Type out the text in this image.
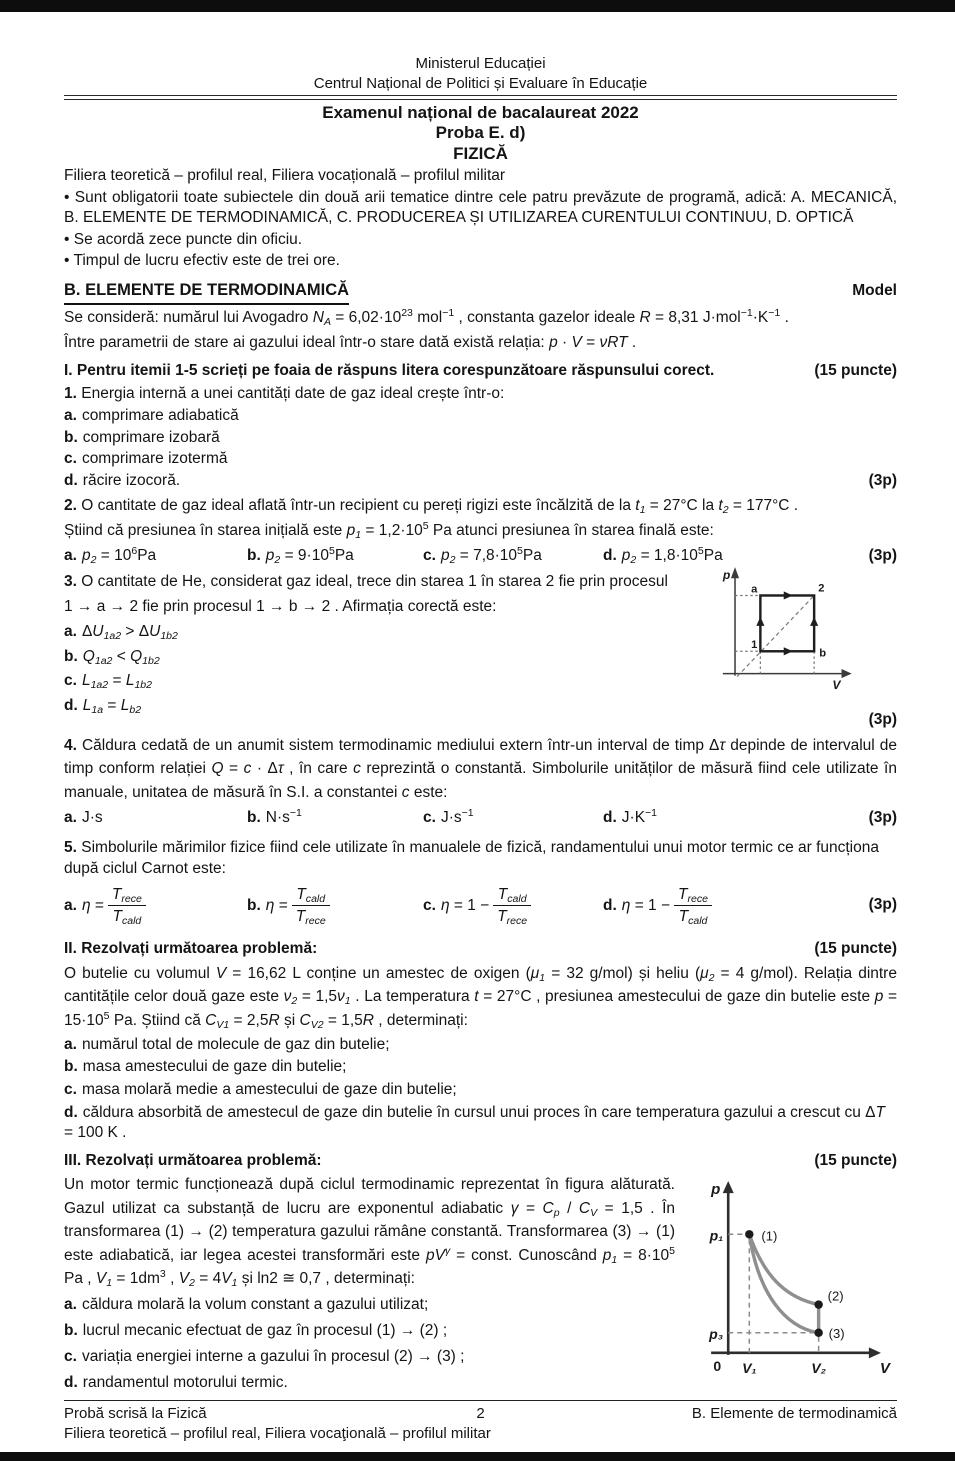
Ministerul Educației
Centrul Național de Politici și Evaluare în Educație
Examenul național de bacalaureat 2022
Proba E. d)
FIZICĂ
Filiera teoretică – profilul real, Filiera vocațională – profilul militar
• Sunt obligatorii toate subiectele din două arii tematice dintre cele patru prevăzute de programă, adică: A. MECANICĂ, B. ELEMENTE DE TERMODINAMICĂ, C. PRODUCEREA ȘI UTILIZAREA CURENTULUI CONTINUU, D. OPTICĂ
• Se acordă zece puncte din oficiu.
• Timpul de lucru efectiv este de trei ore.
B. ELEMENTE DE TERMODINAMICĂ	Model
Se consideră: numărul lui Avogadro $N_A = 6,02\cdot 10^{23}$ mol$^{-1}$ , constanta gazelor ideale R = 8,31 $J\cdot mol^{-1}\cdot K^{-1}$ .
Între parametrii de stare ai gazului ideal într-o stare dată există relația: p · V = νRT .
I. Pentru itemii 1-5 scrieți pe foaia de răspuns litera corespunzătoare răspunsului corect.	(15 puncte)
1. Energia internă a unei cantități date de gaz ideal crește într-o:
a. comprimare adiabatică
b. comprimare izobară
c. comprimare izotermă
d. răcire izocoră.	(3p)
2. O cantitate de gaz ideal aflată într-un recipient cu pereți rigizi este încălzită de la $t_1 = 27^\circ C$ la $t_2 = 177^\circ C$ .
Știind că presiunea în starea inițială este $p_1 = 1,2\cdot 10^5$ Pa atunci presiunea în starea finală este:
a. $p_2 = 10^6Pa$	b. $p_2 = 9\cdot 10^5Pa$	c. $p_2 = 7,8\cdot 10^5Pa$	d. $p_2 = 1,8\cdot 10^5Pa$	(3p)
p
V
a	2
1
b
3. O cantitate de He, considerat gaz ideal, trece din starea 1 în starea 2 fie prin procesul
1 → a → 2 fie prin procesul 1 → b → 2 . Afirmația corectă este:
a. $\Delta U_{1a2} > \Delta U_{1b2}$
b. $Q_{1a2} < Q_{1b2}$
c. $L_{1a2} = L_{1b2}$
(3p)
d. $L_{1a} = L_{b2}$
4. Căldura cedată de un anumit sistem termodinamic mediului extern într-un interval de timp Δτ depinde de intervalul de timp conform relației Q = c · Δτ , în care c reprezintă o constantă. Simbolurile unităților de măsură fiind cele utilizate în manuale, unitatea de măsură în S.I. a constantei c este:
a. J·s	b. $N\cdot s^{-1}$	c. $J\cdot s^{-1}$	d. $J\cdot K^{-1}$	(3p)
5. Simbolurile mărimilor fizice fiind cele utilizate în manualele de fizică, randamentului unui motor termic ce ar funcționa după ciclul Carnot este:
a. $\eta = \frac{T_{rece}}{T_{cald}}$	b. $\eta = \frac{T_{cald}}{T_{rece}}$	c. $\eta = 1 - \frac{T_{cald}}{T_{rece}}$	d. $\eta = 1 - \frac{T_{rece}}{T_{cald}}$	(3p)
II. Rezolvați următoarea problemă:	(15 puncte)
O butelie cu volumul V = 16,62 L conține un amestec de oxigen ($\mu_1 = 32$ g/mol) și heliu ($\mu_2 = 4$ g/mol). Relația dintre cantitățile celor două gaze este $\nu_2 = 1,5\nu_1$ . La temperatura t = 27°C , presiunea amestecului de gaze din butelie este $p = 15\cdot 10^5$ Pa. Știind că $C_{V1} = 2,5R$ și $C_{V2} = 1,5R$ , determinați:
a. numărul total de molecule de gaz din butelie;
b. masa amestecului de gaze din butelie;
c. masa molară medie a amestecului de gaze din butelie;
d. căldura absorbită de amestecul de gaze din butelie în cursul unui proces în care temperatura gazului a crescut cu ΔT = 100 K .
III. Rezolvați următoarea problemă:	(15 puncte)
p
V
0
p₁
p₃
V₁	V₂
(1)
(2)
(3)
Un motor termic funcționează după ciclul termodinamic reprezentat în figura alăturată. Gazul utilizat ca substanță de lucru are exponentul adiabatic $\gamma = C_p / C_V = 1,5$ . În transformarea (1) → (2) temperatura gazului rămâne constantă. Transformarea (3) → (1) este adiabatică, iar legea acestei transformări este $pV^\gamma$ = const. Cunoscând $p_1 = 8\cdot 10^5$ Pa , $V_1 = 1dm^3$ , $V_2 = 4V_1$ și ln2 ≅ 0,7 , determinați:
a. căldura molară la volum constant a gazului utilizat;
b. lucrul mecanic efectuat de gaz în procesul (1) → (2) ;
c. variația energiei interne a gazului în procesul (2) → (3) ;
d. randamentul motorului termic.
Probă scrisă la Fizică	2	B. Elemente de termodinamică
Filiera teoretică – profilul real, Filiera vocaţională – profilul militar
